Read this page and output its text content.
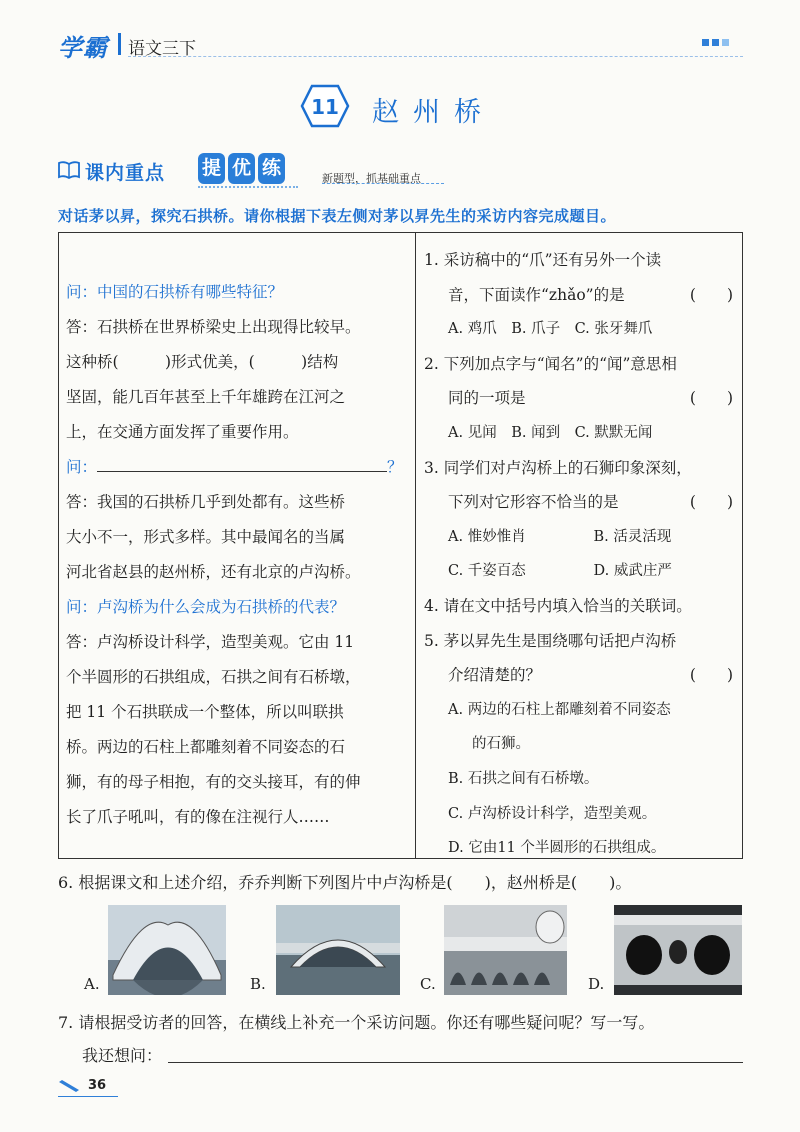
学霸 语文三下
11 赵州桥
课内重点 提 优 练	新题型，抓基础重点
对话茅以昇，探究石拱桥。请你根据下表左侧对茅以昇先生的采访内容完成题目。
问：中国的石拱桥有哪些特征？
答：石拱桥在世界桥梁史上出现得比较早。
这种桥(　　　)形式优美，(　　　)结构
坚固，能几百年甚至上千年雄跨在江河之
上，在交通方面发挥了重要作用。
问：	？
答：我国的石拱桥几乎到处都有。这些桥
大小不一，形式多样。其中最闻名的当属
河北省赵县的赵州桥，还有北京的卢沟桥。
问：卢沟桥为什么会成为石拱桥的代表？
答：卢沟桥设计科学，造型美观。它由 11
个半圆形的石拱组成，石拱之间有石桥墩，
把 11 个石拱联成一个整体，所以叫联拱
桥。两边的石柱上都雕刻着不同姿态的石
狮，有的母子相抱，有的交头接耳，有的伸
长了爪子吼叫，有的像在注视行人……
1. 采访稿中的“爪”还有另外一个读
音，下面读作“zhǎo”的是	(　　)
A. 鸡爪　B. 爪子　C. 张牙舞爪
2. 下列加点字与“闻名”的“闻”意思相
同的一项是	(　　)
A. 见闻　B. 闻到　C. 默默无闻
3. 同学们对卢沟桥上的石狮印象深刻，
下列对它形容不恰当的是	(　　)
A. 惟妙惟肖	B. 活灵活现
C. 千姿百态	D. 威武庄严
4. 请在文中括号内填入恰当的关联词。
5. 茅以昇先生是围绕哪句话把卢沟桥
介绍清楚的？	(　　)
A. 两边的石柱上都雕刻着不同姿态
的石狮。
B. 石拱之间有石桥墩。
C. 卢沟桥设计科学，造型美观。
D. 它由11 个半圆形的石拱组成。
6. 根据课文和上述介绍，乔乔判断下列图片中卢沟桥是(　　)，赵州桥是(　　)。
A.	B.	C.	D.
7. 请根据受访者的回答，在横线上补充一个采访问题。你还有哪些疑问呢？写一写。
我还想问：
36
